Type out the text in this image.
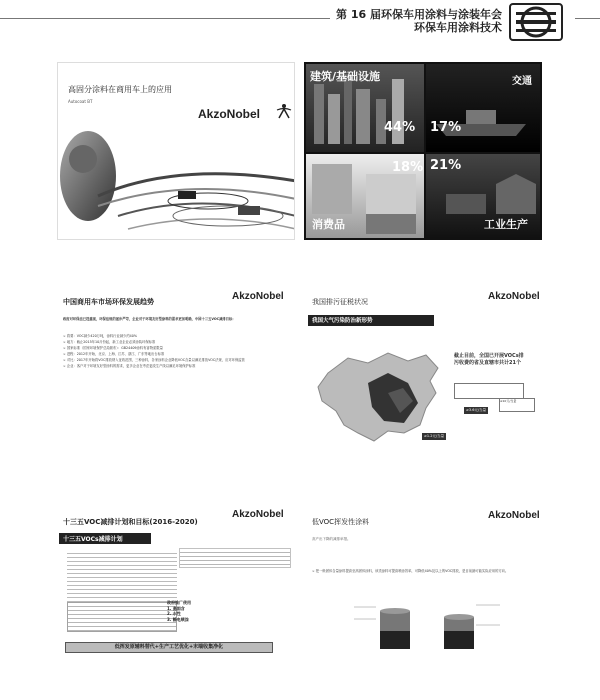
第 16 届环保车用涂料与涂装年会
环保车用涂料技术
高固分涂料在商用车上的应用
Autocoat BT
AkzoNobel
建筑/基础设施
44%
交通
17%
18%
消费品
21%
工业生产
中国商用车市场环保发展趋势	AkzoNobel
政府对环保法已趋重视，环保法规的逐步严苛，企业对于环境友好型涂料的需求更加明确，中国十三五VOC减排目标：
➢ 将要：VOC减少420万吨，涂料行业减少约40%
➢ 地方：截止2015年10月份起，新工业企业必须涂装环保标准
➢ 国家标准（国家环境保护总局颁布）：GB24409涂料有害物质限量
➢ 进程：2012年开始，北京、上海、江苏、浙江、广东等地出台标准
➢ 对比：2017年开始将VOC排放纳入征收范围，三种涂料，各家涂料企业降低VOC含量以满足排放VOC法规，应对环保监管
➢ 企业：客户对于环境友好型涂料的需求，更多企业在考虑更改生产线以满足环境保护标准
我国排污征税状况	AkzoNobel
我国大气污染防治新形势
截止目前，全国已开展VOCs排污收费的省及直辖市共计21个
≥1.2元/当量
≥3.6元/当量
≥10元/当量
十三五VOC减排计划和目标(2016-2020)
AkzoNobel
十三五VOCs减排计划
政府推广使用
1. 高固含
2. 水性
3. 静电喷涂
低挥发原辅料替代+生产工艺优化+末端收集净化
低VOC挥发性涂料
AkzoNobel
高产出下降的减排举措。
➢ 把一般固体含量涂料提高至高固体涂料，该类涂料可提高喷涂效率，可降低40%及以上的VOC排放，是目前最可能实际应用的方向。
